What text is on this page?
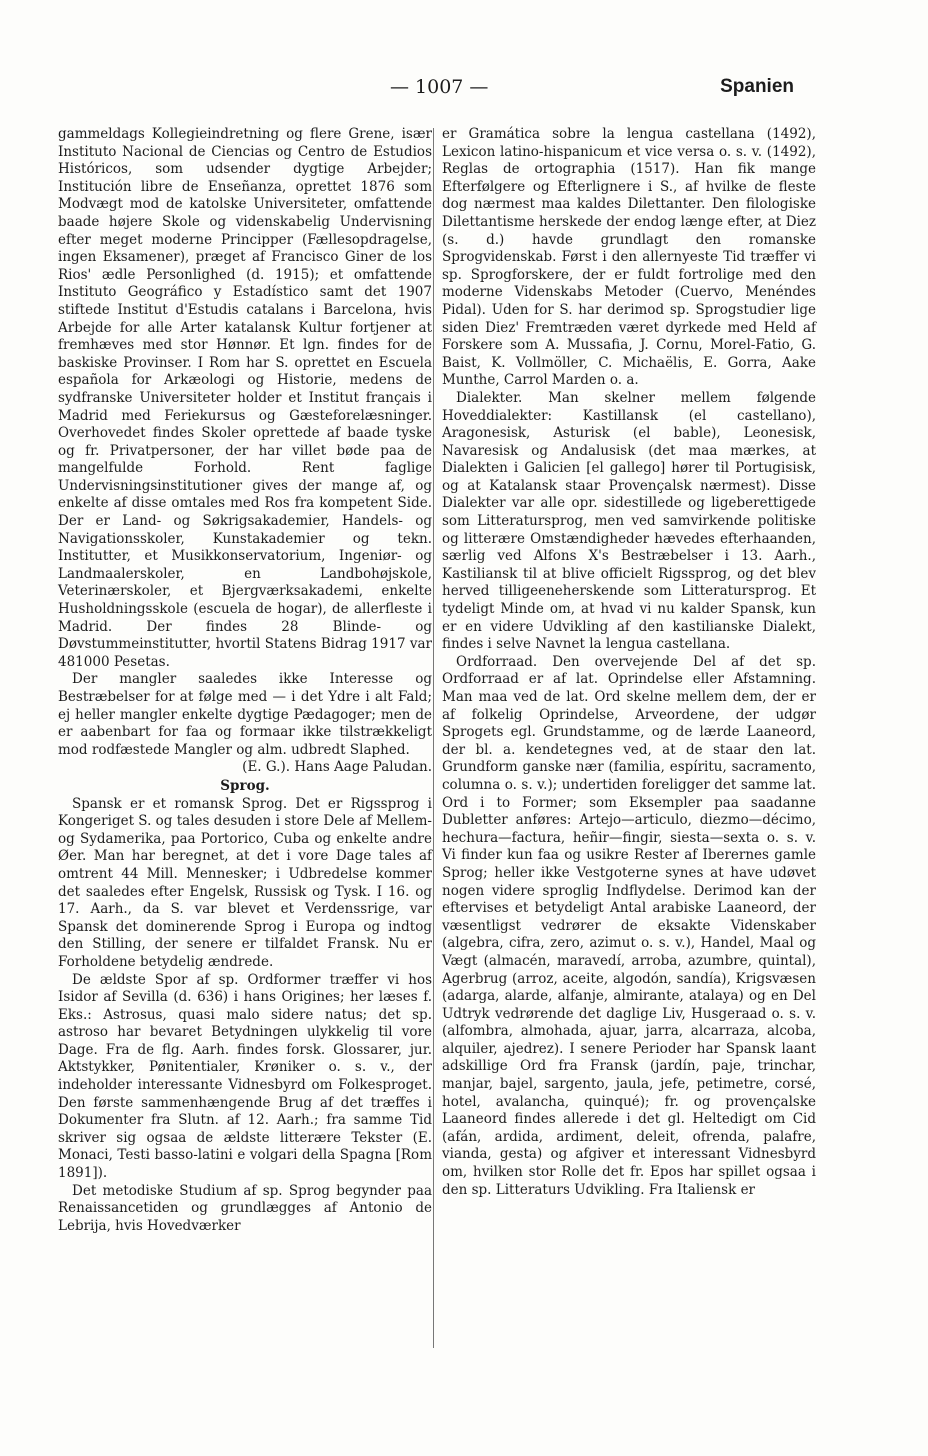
— 1007 —	Spanien

gammeldags Kollegieindretning og flere Grene, især Instituto Nacional de Ciencias og Centro de Estudios Históricos, som udsender dygtige Arbejder; Institución libre de Enseñanza, oprettet 1876 som Modvægt mod de katolske Universiteter, omfattende baade højere Skole og videnskabelig Undervisning efter meget moderne Principper (Fællesopdragelse, ingen Eksamener), præget af Francisco Giner de los Rios' ædle Personlighed (d. 1915); et omfattende Instituto Geográfico y Estadístico samt det 1907 stiftede Institut d'Estudis catalans i Barcelona, hvis Arbejde for alle Arter katalansk Kultur fortjener at fremhæves med stor Hønnør. Et lgn. findes for de baskiske Provinser. I Rom har S. oprettet en Escuela española for Arkæologi og Historie, medens de sydfranske Universiteter holder et Institut français i Madrid med Feriekursus og Gæsteforelæsninger. Overhovedet findes Skoler oprettede af baade tyske og fr. Privatpersoner, der har villet bøde paa de mangelfulde Forhold. Rent faglige Undervisningsinstitutioner gives der mange af, og enkelte af disse omtales med Ros fra kompetent Side. Der er Land- og Søkrigsakademier, Handels- og Navigationsskoler, Kunstakademier og tekn. Institutter, et Musikkonservatorium, Ingeniør- og Landmaalerskoler, en Landbohøjskole, Veterinærskoler, et Bjergværksakademi, enkelte Husholdningsskole (escuela de hogar), de allerfleste i Madrid. Der findes 28 Blinde- og Døvstummeinstitutter, hvortil Statens Bidrag 1917 var 481000 Pesetas.

Der mangler saaledes ikke Interesse og Bestræbelser for at følge med — i det Ydre i alt Fald; ej heller mangler enkelte dygtige Pædagoger; men de er aabenbart for faa og formaar ikke tilstrækkeligt mod rodfæstede Mangler og alm. udbredt Slaphed.

(E. G.). Hans Aage Paludan.

Sprog.

Spansk er et romansk Sprog. Det er Rigssprog i Kongeriget S. og tales desuden i store Dele af Mellem- og Sydamerika, paa Portorico, Cuba og enkelte andre Øer. Man har beregnet, at det i vore Dage tales af omtrent 44 Mill. Mennesker; i Udbredelse kommer det saaledes efter Engelsk, Russisk og Tysk. I 16. og 17. Aarh., da S. var blevet et Verdenssrige, var Spansk det dominerende Sprog i Europa og indtog den Stilling, der senere er tilfaldet Fransk. Nu er Forholdene betydelig ændrede.

De ældste Spor af sp. Ordformer træffer vi hos Isidor af Sevilla (d. 636) i hans Origines; her læses f. Eks.: Astrosus, quasi malo sidere natus; det sp. astroso har bevaret Betydningen ulykkelig til vore Dage. Fra de flg. Aarh. findes forsk. Glossarer, jur. Aktstykker, Pønitentialer, Krøniker o. s. v., der indeholder interessante Vidnesbyrd om Folkesproget. Den første sammenhængende Brug af det træffes i Dokumenter fra Slutn. af 12. Aarh.; fra samme Tid skriver sig ogsaa de ældste litterære Tekster (E. Monaci, Testi basso-latini e volgari della Spagna [Rom 1891]).

Det metodiske Studium af sp. Sprog begynder paa Renaissancetiden og grundlægges af Antonio de Lebrija, hvis Hovedværker

er Gramática sobre la lengua castellana (1492), Lexicon latino-hispanicum et vice versa o. s. v. (1492), Reglas de ortographia (1517). Han fik mange Efterfølgere og Efterlignere i S., af hvilke de fleste dog nærmest maa kaldes Dilettanter. Den filologiske Dilettantisme herskede der endog længe efter, at Diez (s. d.) havde grundlagt den romanske Sprogvidenskab. Først i den allernyeste Tid træffer vi sp. Sprogforskere, der er fuldt fortrolige med den moderne Videnskabs Metoder (Cuervo, Menéndes Pidal). Uden for S. har derimod sp. Sprogstudier lige siden Diez' Fremtræden været dyrkede med Held af Forskere som A. Mussafia, J. Cornu, Morel-Fatio, G. Baist, K. Vollmöller, C. Michaëlis, E. Gorra, Aake Munthe, Carrol Marden o. a.

Dialekter. Man skelner mellem følgende Hoveddialekter: Kastillansk (el castellano), Aragonesisk, Asturisk (el bable), Leonesisk, Navaresisk og Andalusisk (det maa mærkes, at Dialekten i Galicien [el gallego] hører til Portugisisk, og at Katalansk staar Provençalsk nærmest). Disse Dialekter var alle opr. sidestillede og ligeberettigede som Litteratursprog, men ved samvirkende politiske og litterære Omstændigheder hævedes efterhaanden, særlig ved Alfons X's Bestræbelser i 13. Aarh., Kastiliansk til at blive officielt Rigssprog, og det blev herved tilligeeneherskende som Litteratursprog. Et tydeligt Minde om, at hvad vi nu kalder Spansk, kun er en videre Udvikling af den kastilianske Dialekt, findes i selve Navnet la lengua castellana.

Ordforraad. Den overvejende Del af det sp. Ordforraad er af lat. Oprindelse eller Afstamning. Man maa ved de lat. Ord skelne mellem dem, der er af folkelig Oprindelse, Arveordene, der udgør Sprogets egl. Grundstamme, og de lærde Laaneord, der bl. a. kendetegnes ved, at de staar den lat. Grundform ganske nær (familia, espíritu, sacramento, columna o. s. v.); undertiden foreligger det samme lat. Ord i to Former; som Eksempler paa saadanne Dubletter anføres: Artejo—articulo, diezmo—décimo, hechura—factura, heñir—fingir, siesta—sexta o. s. v. Vi finder kun faa og usikre Rester af Iberernes gamle Sprog; heller ikke Vestgoterne synes at have udøvet nogen videre sproglig Indflydelse. Derimod kan der eftervises et betydeligt Antal arabiske Laaneord, der væsentligst vedrører de eksakte Videnskaber (algebra, cifra, zero, azimut o. s. v.), Handel, Maal og Vægt (almacén, maravedí, arroba, azumbre, quintal), Agerbrug (arroz, aceite, algodón, sandía), Krigsvæsen (adarga, alarde, alfanje, almirante, atalaya) og en Del Udtryk vedrørende det daglige Liv, Husgeraad o. s. v. (alfombra, almohada, ajuar, jarra, alcarraza, alcoba, alquiler, ajedrez). I senere Perioder har Spansk laant adskillige Ord fra Fransk (jardín, paje, trinchar, manjar, bajel, sargento, jaula, jefe, petimetre, corsé, hotel, avalancha, quinqué); fr. og provençalske Laaneord findes allerede i det gl. Heltedigt om Cid (afán, ardida, ardiment, deleit, ofrenda, palafre, vianda, gesta) og afgiver et interessant Vidnesbyrd om, hvilken stor Rolle det fr. Epos har spillet ogsaa i den sp. Litteraturs Udvikling. Fra Italiensk er
